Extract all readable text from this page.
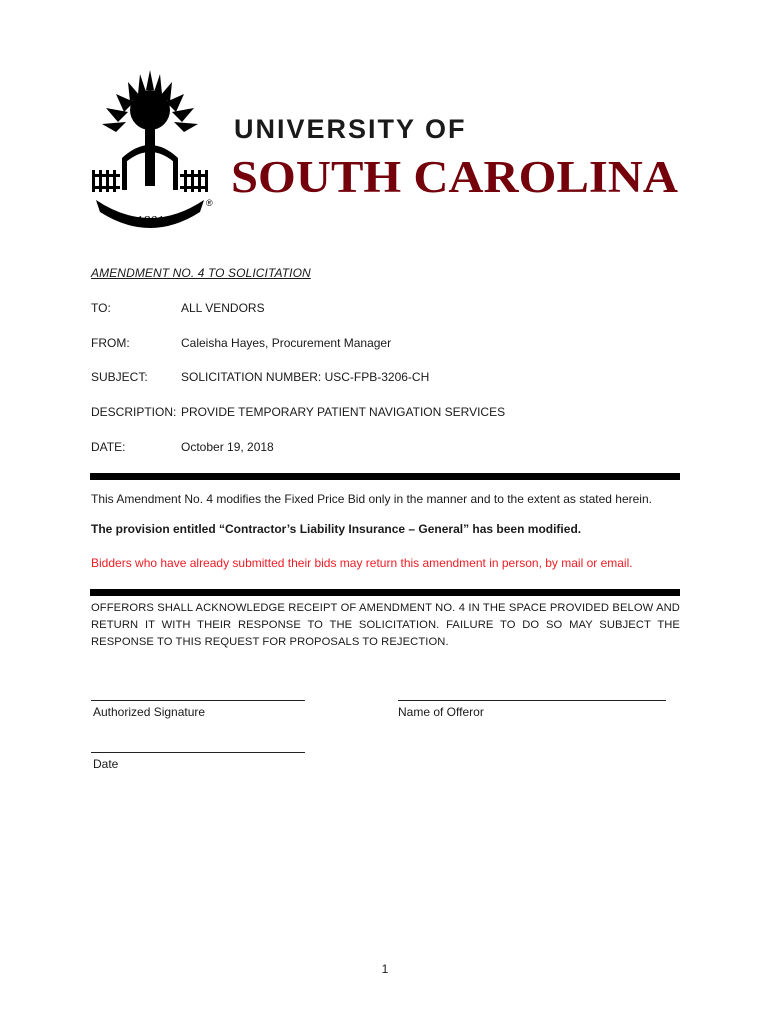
1801
®
UNIVERSITY OF
SOUTH CAROLINA
AMENDMENT NO. 4 TO SOLICITATION
TO:	ALL VENDORS
FROM:	Caleisha Hayes, Procurement Manager
SUBJECT:	SOLICITATION NUMBER: USC-FPB-3206-CH
DESCRIPTION: PROVIDE TEMPORARY PATIENT NAVIGATION SERVICES
DATE:	October 19, 2018
This Amendment No. 4 modifies the Fixed Price Bid only in the manner and to the extent as stated herein.
The provision entitled “Contractor’s Liability Insurance – General” has been modified.
Bidders who have already submitted their bids may return this amendment in person, by mail or email.
OFFERORS SHALL ACKNOWLEDGE RECEIPT OF AMENDMENT NO. 4 IN THE SPACE PROVIDED BELOW AND RETURN IT WITH THEIR RESPONSE TO THE SOLICITATION. FAILURE TO DO SO MAY SUBJECT THE RESPONSE TO THIS REQUEST FOR PROPOSALS TO REJECTION.
Authorized Signature	Name of Offeror
Date
1
